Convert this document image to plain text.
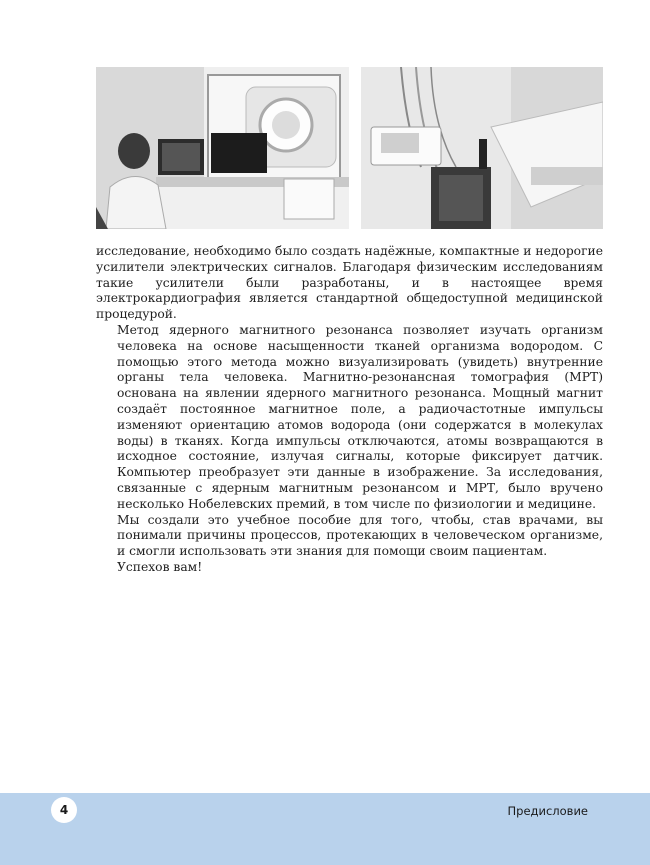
исследование, необходимо было создать надёжные, компактные и недорогие усилители электрических сигналов. Благодаря физическим исследованиям такие усилители были разработаны, и в настоящее время электрокардиография является стандартной общедоступной медицинской процедурой.

Метод ядерного магнитного резонанса позволяет изучать организм человека на основе насыщенности тканей организма водородом. С помощью этого метода можно визуализировать (увидеть) внутренние органы тела человека. Магнитно-резонансная томография (МРТ) основана на явлении ядерного магнитного резонанса. Мощный магнит создаёт постоянное магнитное поле, а радиочастотные импульсы изменяют ориентацию атомов водорода (они содержатся в молекулах воды) в тканях. Когда импульсы отключаются, атомы возвращаются в исходное состояние, излучая сигналы, которые фиксирует датчик. Компьютер преобразует эти данные в изображение. За исследования, связанные с ядерным магнитным резонансом и МРТ, было вручено несколько Нобелевских премий, в том числе по физиологии и медицине.

Мы создали это учебное пособие для того, чтобы, став врачами, вы понимали причины процессов, протекающих в человеческом организме, и смогли использовать эти знания для помощи своим пациентам.

Успехов вам!

4	Предисловие
